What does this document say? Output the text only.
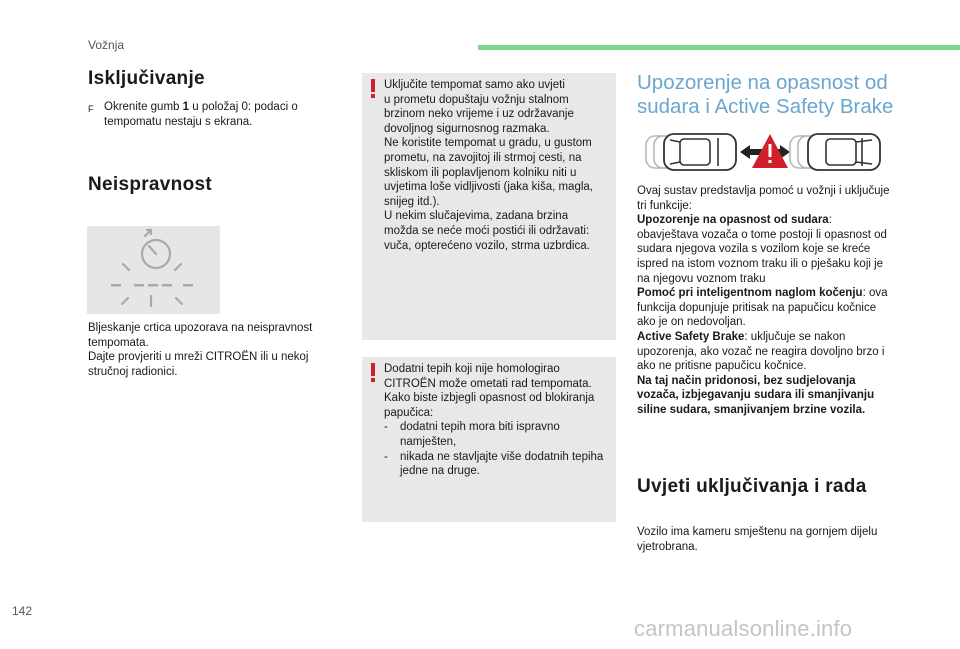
Vožnja
Isključivanje
F Okrenite gumb 1 u položaj 0: podaci o tempomatu nestaju s ekrana.
Neispravnost
Bljeskanje crtica upozorava na neispravnost tempomata.
Dajte provjeriti u mreži CITROËN ili u nekoj stručnoj radionici.
Uključite tempomat samo ako uvjeti
u prometu dopuštaju vožnju stalnom
brzinom neko vrijeme i uz održavanje
dovoljnog sigurnosnog razmaka.
Ne koristite tempomat u gradu, u gustom
prometu, na zavojitoj ili strmoj cesti, na
skliskom ili poplavljenom kolniku niti u
uvjetima loše vidljivosti (jaka kiša, magla,
snijeg itd.).
U nekim slučajevima, zadana brzina
možda se neće moći postići ili održavati:
vuča, opterećeno vozilo, strma uzbrdica.
Dodatni tepih koji nije homologirao
CITROËN može ometati rad tempomata.
Kako biste izbjegli opasnost od blokiranja
papučica:
-	dodatni tepih mora biti ispravno namješten,
-	nikada ne stavljajte više dodatnih tepiha jedne na druge.
Upozorenje na opasnost od
sudara i Active Safety Brake
Ovaj sustav predstavlja pomoć u vožnji i uključuje tri funkcije:
Upozorenje na opasnost od sudara: obavještava vozača o tome postoji li opasnost od sudara njegova vozila s vozilom koje se kreće ispred na istom voznom traku ili o pješaku koji je na njegovu voznom traku
Pomoć pri inteligentnom naglom kočenju: ova funkcija dopunjuje pritisak na papučicu kočnice ako je on nedovoljan.
Active Safety Brake: uključuje se nakon upozorenja, ako vozač ne reagira dovoljno brzo i ako ne pritisne papučicu kočnice.
Na taj način pridonosi, bez sudjelovanja vozača, izbjegavanju sudara ili smanjivanju siline sudara, smanjivanjem brzine vozila.
Uvjeti uključivanja i rada
Vozilo ima kameru smještenu na gornjem dijelu vjetrobrana.
142
carmanualsonline.info
